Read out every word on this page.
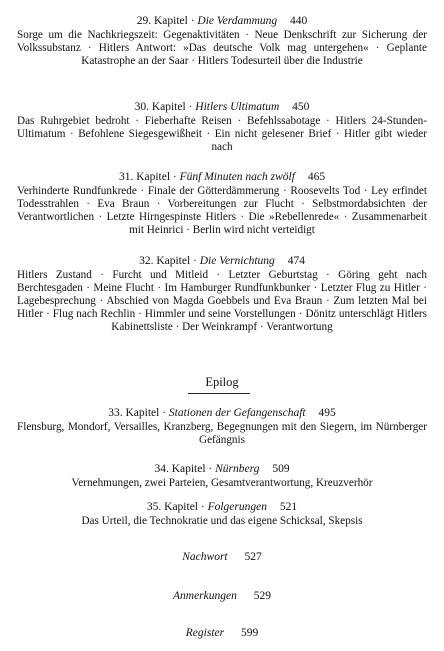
29. Kapitel · Die Verdammung 440
Sorge um die Nachkriegszeit: Gegenaktivitäten · Neue Denkschrift zur Sicherung der Volkssubstanz · Hitlers Antwort: »Das deutsche Volk mag untergehen« · Geplante Katastrophe an der Saar · Hitlers Todesurteil über die Industrie
30. Kapitel · Hitlers Ultimatum 450
Das Ruhrgebiet bedroht · Fieberhafte Reisen · Befehlssabotage · Hitlers 24-Stunden-Ultimatum · Befohlene Siegesgewißheit · Ein nicht gelesener Brief · Hitler gibt wieder nach
31. Kapitel · Fünf Minuten nach zwölf 465
Verhinderte Rundfunkrede · Finale der Götterdämmerung · Roosevelts Tod · Ley erfindet Todesstrahlen · Eva Braun · Vorbereitungen zur Flucht · Selbstmordabsichten der Verantwortlichen · Letzte Hirngespinste Hitlers · Die »Rebellenrede« · Zusammenarbeit mit Heinrici · Berlin wird nicht verteidigt
32. Kapitel · Die Vernichtung 474
Hitlers Zustand · Furcht und Mitleid · Letzter Geburtstag · Göring geht nach Berchtesgaden · Meine Flucht · Im Hamburger Rundfunkbunker · Letzter Flug zu Hitler · Lagebesprechung · Abschied von Magda Goebbels und Eva Braun · Zum letzten Mal bei Hitler · Flug nach Rechlin · Himmler und seine Vorstellungen · Dönitz unterschlägt Hitlers Kabinettsliste · Der Weinkrampf · Verantwortung
Epilog
33. Kapitel · Stationen der Gefangenschaft 495
Flensburg, Mondorf, Versailles, Kranzberg, Begegnungen mit den Siegern, im Nürnberger Gefängnis
34. Kapitel · Nürnberg 509
Vernehmungen, zwei Parteien, Gesamtverantwortung, Kreuzverhör
35. Kapitel · Folgerungen 521
Das Urteil, die Technokratie und das eigene Schicksal, Skepsis
Nachwort 527
Anmerkungen 529
Register 599
